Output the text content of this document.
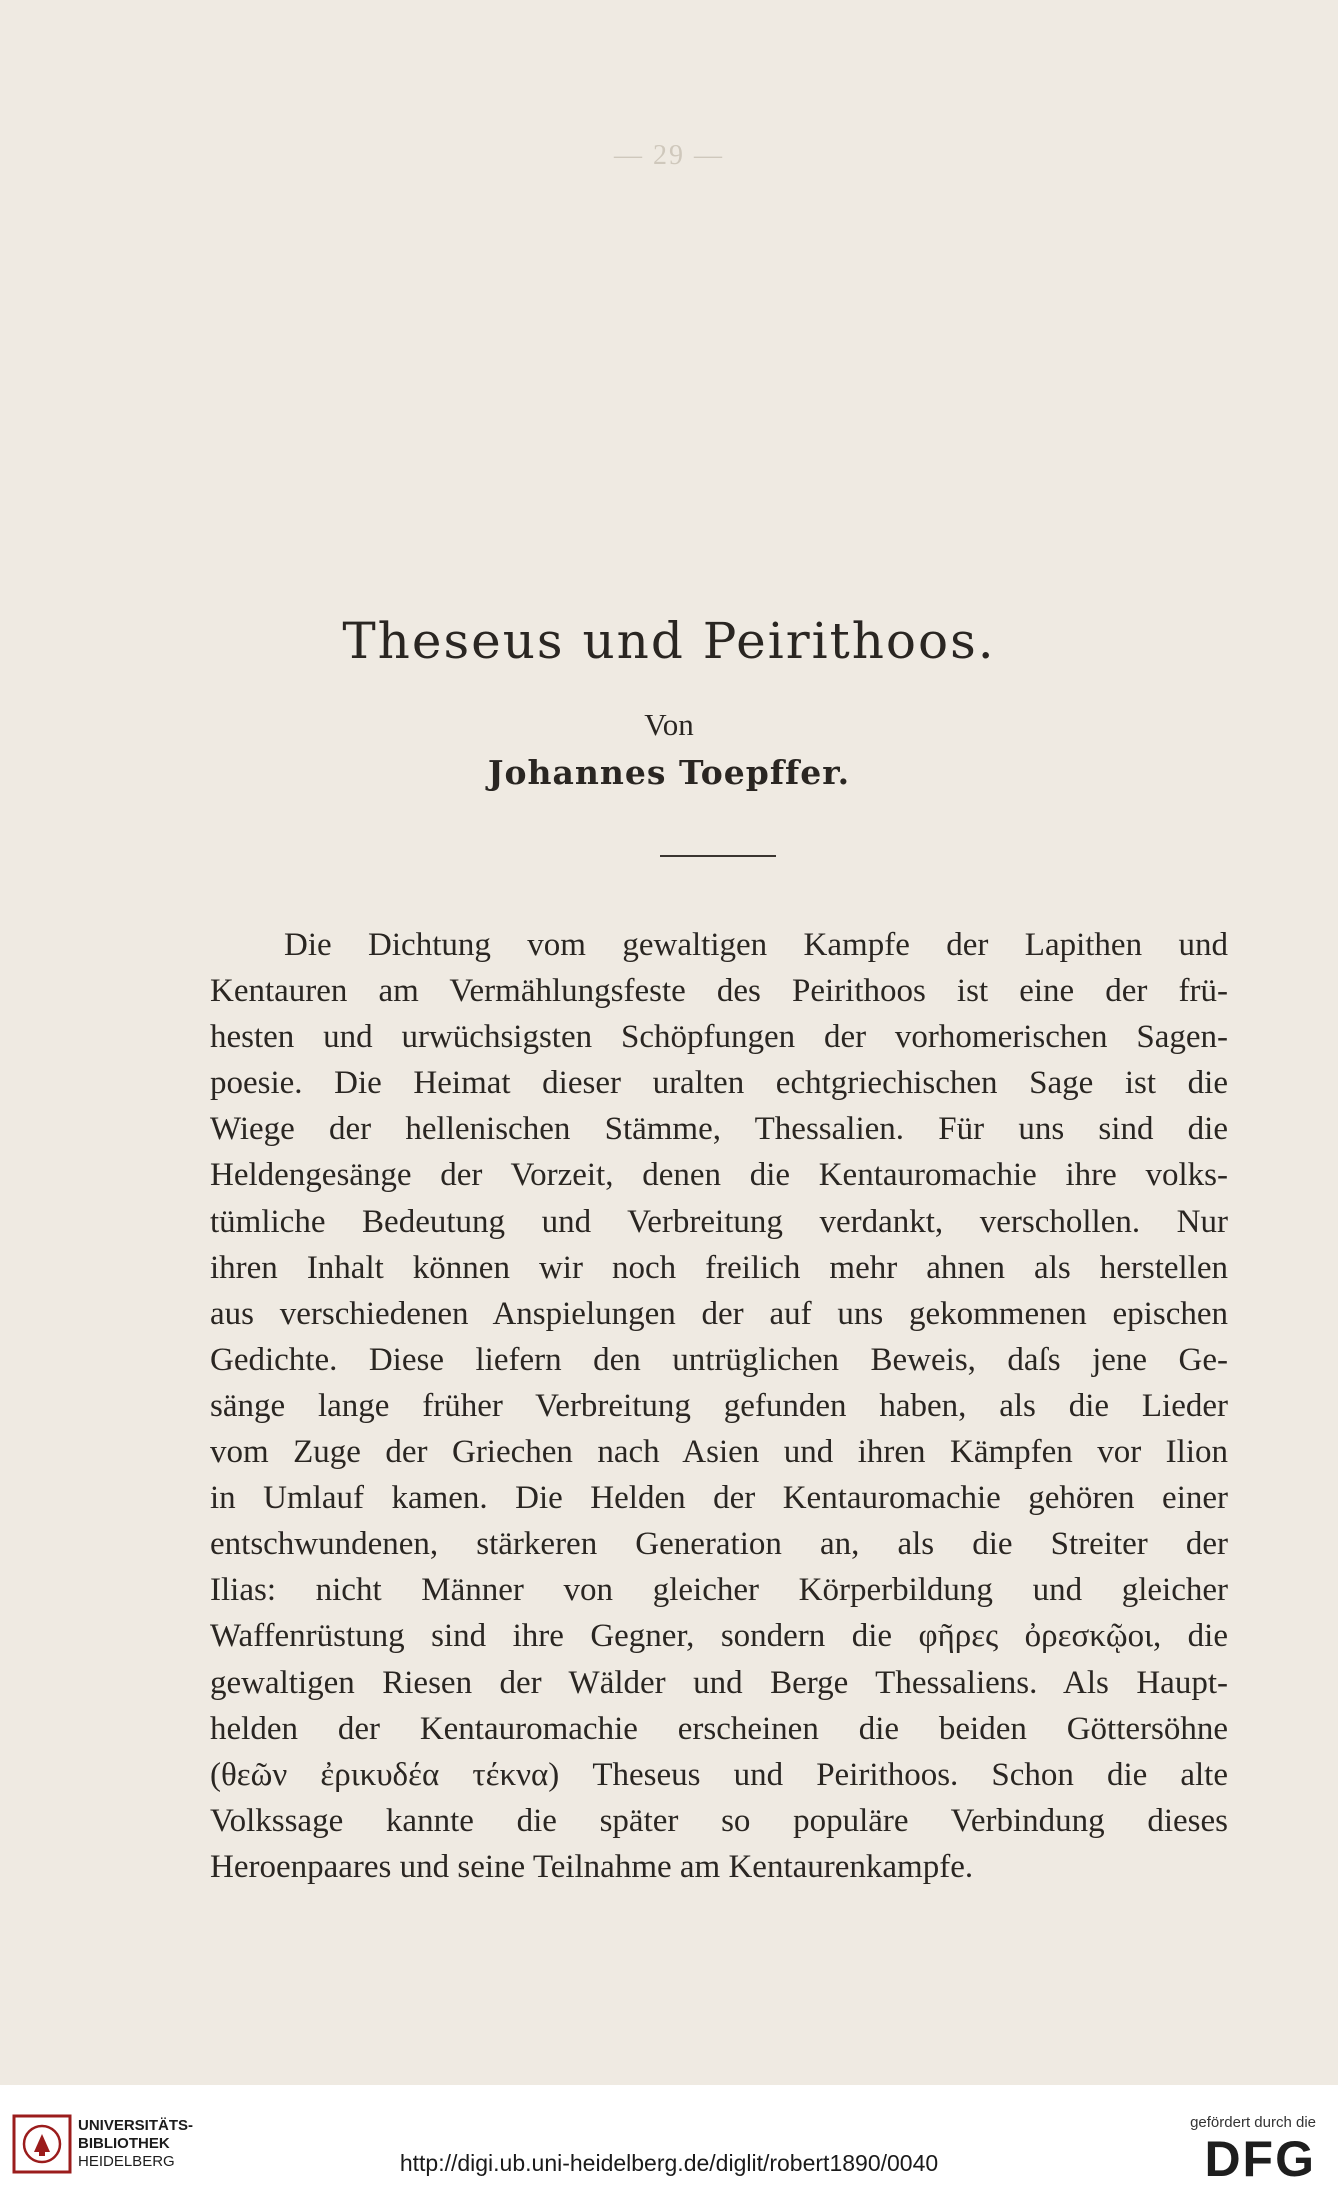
— 29 —
Theseus und Peirithoos.
Von
Johannes Toepffer.
Die Dichtung vom gewaltigen Kampfe der Lapithen und
Kentauren am Vermählungsfeste des Peirithoos ist eine der frü-
hesten und urwüchsigsten Schöpfungen der vorhomerischen Sagen-
poesie. Die Heimat dieser uralten echtgriechischen Sage ist die
Wiege der hellenischen Stämme, Thessalien. Für uns sind die
Heldengesänge der Vorzeit, denen die Kentauromachie ihre volks-
tümliche Bedeutung und Verbreitung verdankt, verschollen. Nur
ihren Inhalt können wir noch freilich mehr ahnen als herstellen
aus verschiedenen Anspielungen der auf uns gekommenen epischen
Gedichte. Diese liefern den untrüglichen Beweis, daſs jene Ge-
sänge lange früher Verbreitung gefunden haben, als die Lieder
vom Zuge der Griechen nach Asien und ihren Kämpfen vor Ilion
in Umlauf kamen. Die Helden der Kentauromachie gehören einer
entschwundenen, stärkeren Generation an, als die Streiter der
Ilias: nicht Männer von gleicher Körperbildung und gleicher
Waffenrüstung sind ihre Gegner, sondern die φῆρες ὀρεσκῷοι, die
gewaltigen Riesen der Wälder und Berge Thessaliens. Als Haupt-
helden der Kentauromachie erscheinen die beiden Göttersöhne
(θεῶν ἐρικυδέα τέκνα) Theseus und Peirithoos. Schon die alte
Volkssage kannte die später so populäre Verbindung dieses
Heroenpaares und seine Teilnahme am Kentaurenkampfe.
UNIVERSITÄTS-
BIBLIOTHEK
HEIDELBERG	http://digi.ub.uni-heidelberg.de/diglit/robert1890/0040
gefördert durch die
DFG
